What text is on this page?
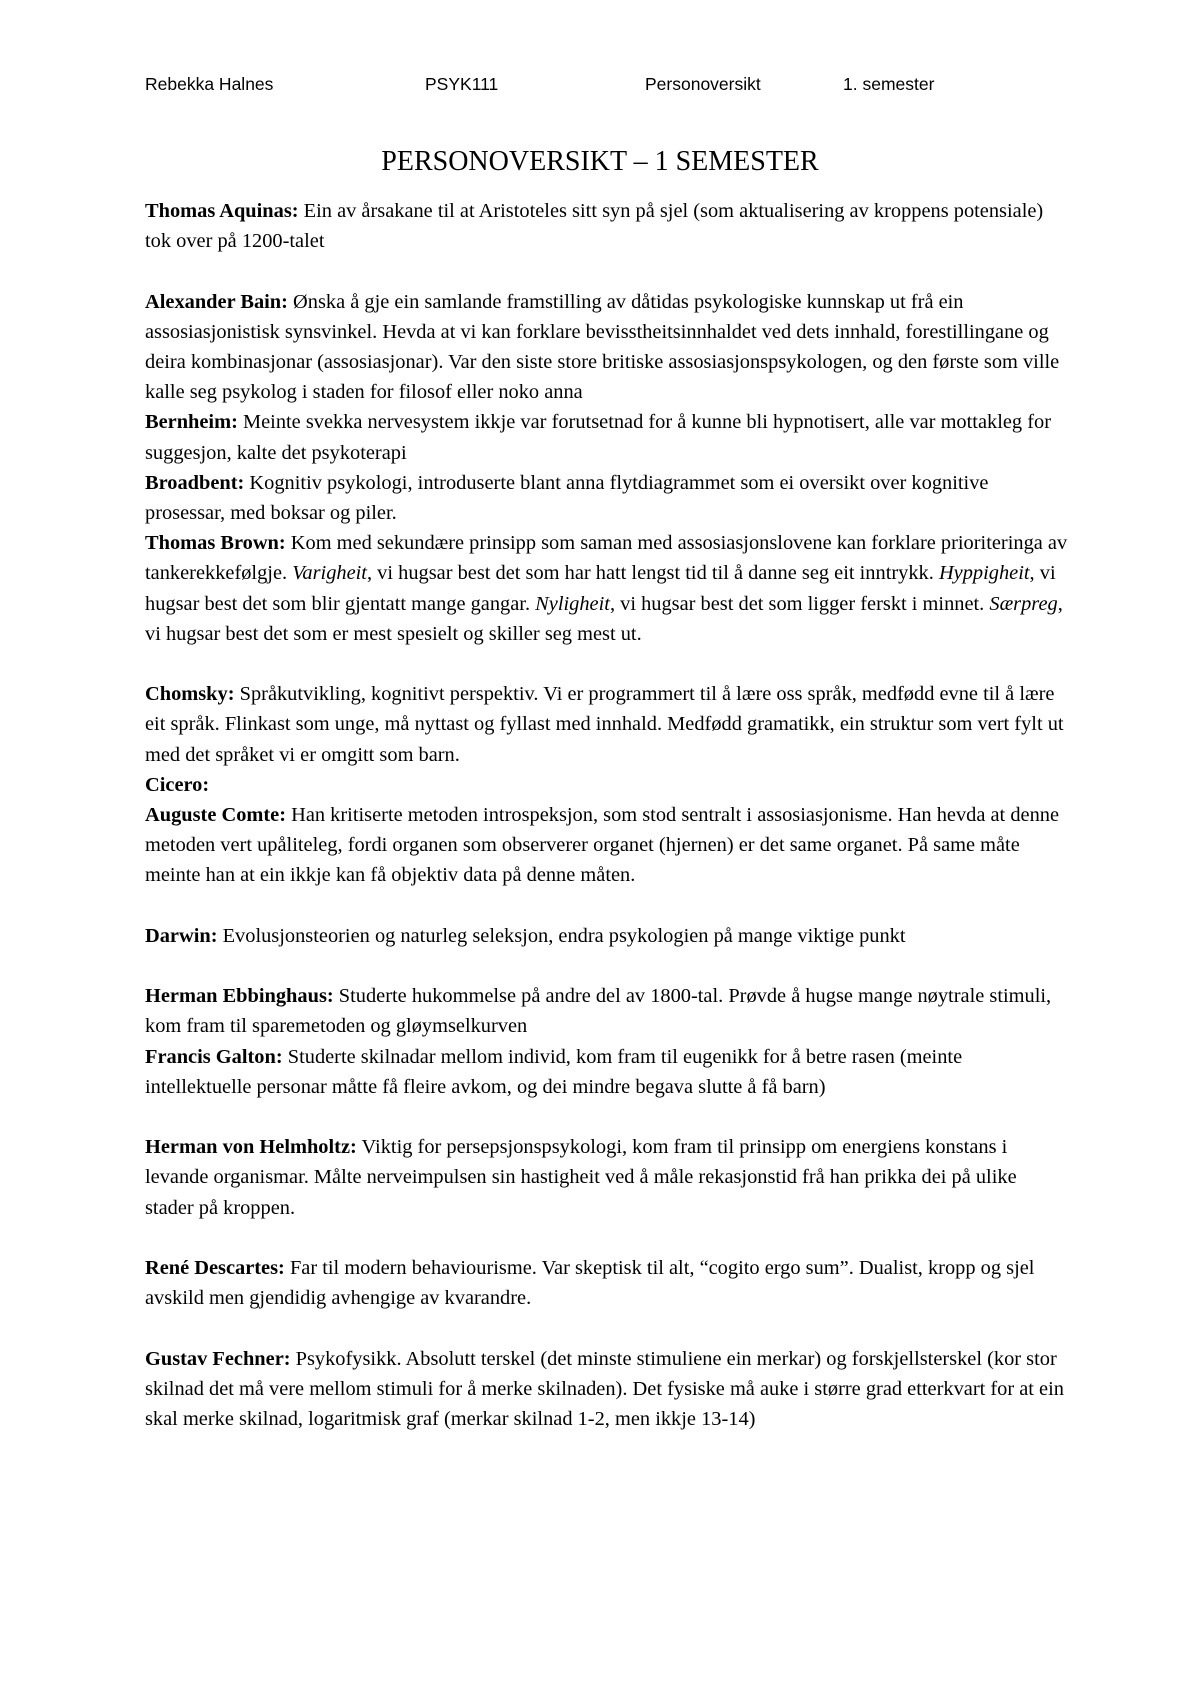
Rebekka Halnes	PSYK111	Personoversikt	1. semester
PERSONOVERSIKT – 1 SEMESTER

Thomas Aquinas: Ein av årsakane til at Aristoteles sitt syn på sjel (som aktualisering av kroppens potensiale) tok over på 1200-talet

Alexander Bain: Ønska å gje ein samlande framstilling av dåtidas psykologiske kunnskap ut frå ein assosiasjonistisk synsvinkel. Hevda at vi kan forklare bevisstheitsinnhaldet ved dets innhald, forestillingane og deira kombinasjonar (assosiasjonar). Var den siste store britiske assosiasjonspsykologen, og den første som ville kalle seg psykolog i staden for filosof eller noko anna

Bernheim: Meinte svekka nervesystem ikkje var forutsetnad for å kunne bli hypnotisert, alle var mottakleg for suggesjon, kalte det psykoterapi

Broadbent: Kognitiv psykologi, introduserte blant anna flytdiagrammet som ei oversikt over kognitive prosessar, med boksar og piler.

Thomas Brown: Kom med sekundære prinsipp som saman med assosiasjonslovene kan forklare prioriteringa av tankerekkefølgje. Varigheit, vi hugsar best det som har hatt lengst tid til å danne seg eit inntrykk. Hyppigheit, vi hugsar best det som blir gjentatt mange gangar. Nyligheit, vi hugsar best det som ligger ferskt i minnet. Særpreg, vi hugsar best det som er mest spesielt og skiller seg mest ut.

Chomsky: Språkutvikling, kognitivt perspektiv. Vi er programmert til å lære oss språk, medfødd evne til å lære eit språk. Flinkast som unge, må nyttast og fyllast med innhald. Medfødd gramatikk, ein struktur som vert fylt ut med det språket vi er omgitt som barn.

Cicero:

Auguste Comte: Han kritiserte metoden introspeksjon, som stod sentralt i assosiasjonisme. Han hevda at denne metoden vert upåliteleg, fordi organen som observerer organet (hjernen) er det same organet. På same måte meinte han at ein ikkje kan få objektiv data på denne måten.

Darwin: Evolusjonsteorien og naturleg seleksjon, endra psykologien på mange viktige punkt

Herman Ebbinghaus: Studerte hukommelse på andre del av 1800-tal. Prøvde å hugse mange nøytrale stimuli, kom fram til sparemetoden og gløymselkurven

Francis Galton: Studerte skilnadar mellom individ, kom fram til eugenikk for å betre rasen (meinte intellektuelle personar måtte få fleire avkom, og dei mindre begava slutte å få barn)

Herman von Helmholtz: Viktig for persepsjonspsykologi, kom fram til prinsipp om energiens konstans i levande organismar. Målte nerveimpulsen sin hastigheit ved å måle rekasjonstid frå han prikka dei på ulike stader på kroppen.

René Descartes: Far til modern behaviourisme. Var skeptisk til alt, “cogito ergo sum”. Dualist, kropp og sjel avskild men gjendidig avhengige av kvarandre.

Gustav Fechner: Psykofysikk. Absolutt terskel (det minste stimuliene ein merkar) og forskjellsterskel (kor stor skilnad det må vere mellom stimuli for å merke skilnaden). Det fysiske må auke i større grad etterkvart for at ein skal merke skilnad, logaritmisk graf (merkar skilnad 1-2, men ikkje 13-14)
